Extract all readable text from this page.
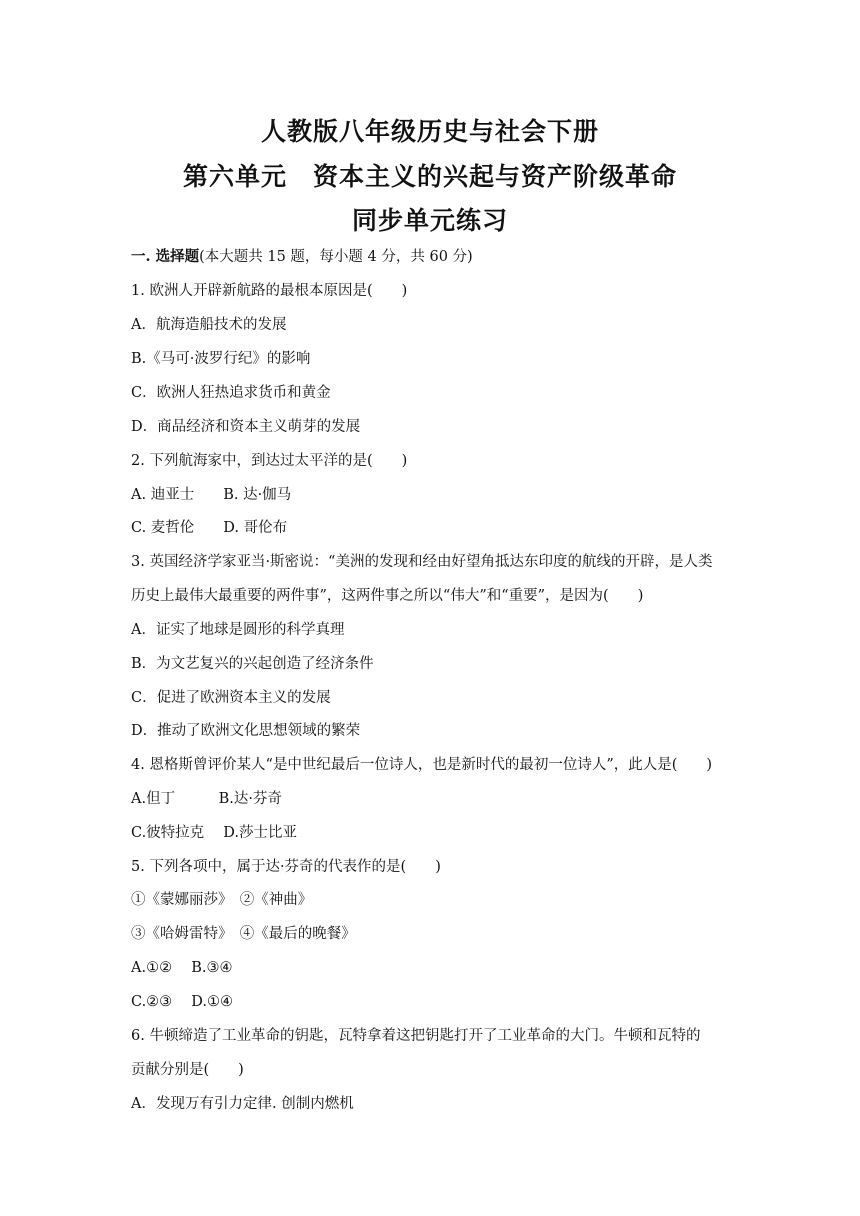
人教版八年级历史与社会下册
第六单元　资本主义的兴起与资产阶级革命
同步单元练习
一. 选择题(本大题共 15 题，每小题 4 分，共 60 分)
1. 欧洲人开辟新航路的最根本原因是(　　)
A．航海造船技术的发展
B.《马可·波罗行纪》的影响
C．欧洲人狂热追求货币和黄金
D．商品经济和资本主义萌芽的发展
2. 下列航海家中，到达过太平洋的是(　　)
A. 迪亚士　　B. 达·伽马
C. 麦哲伦　　D. 哥伦布
3. 英国经济学家亚当·斯密说：“美洲的发现和经由好望角抵达东印度的航线的开辟，是人类
历史上最伟大最重要的两件事”，这两件事之所以“伟大”和“重要”，是因为(　　)
A．证实了地球是圆形的科学真理
B．为文艺复兴的兴起创造了经济条件
C．促进了欧洲资本主义的发展
D．推动了欧洲文化思想领域的繁荣
4. 恩格斯曾评价某人“是中世纪最后一位诗人，也是新时代的最初一位诗人”，此人是(　　)
A.但丁　　　B.达·芬奇
C.彼特拉克　 D.莎士比亚
5. 下列各项中，属于达·芬奇的代表作的是(　　)
①《蒙娜丽莎》　②《神曲》
③《哈姆雷特》　④《最后的晚餐》
A.①②　 B.③④
C.②③　 D.①④
6. 牛顿缔造了工业革命的钥匙，瓦特拿着这把钥匙打开了工业革命的大门。牛顿和瓦特的
贡献分别是(　　)
A．发现万有引力定律. 创制内燃机
